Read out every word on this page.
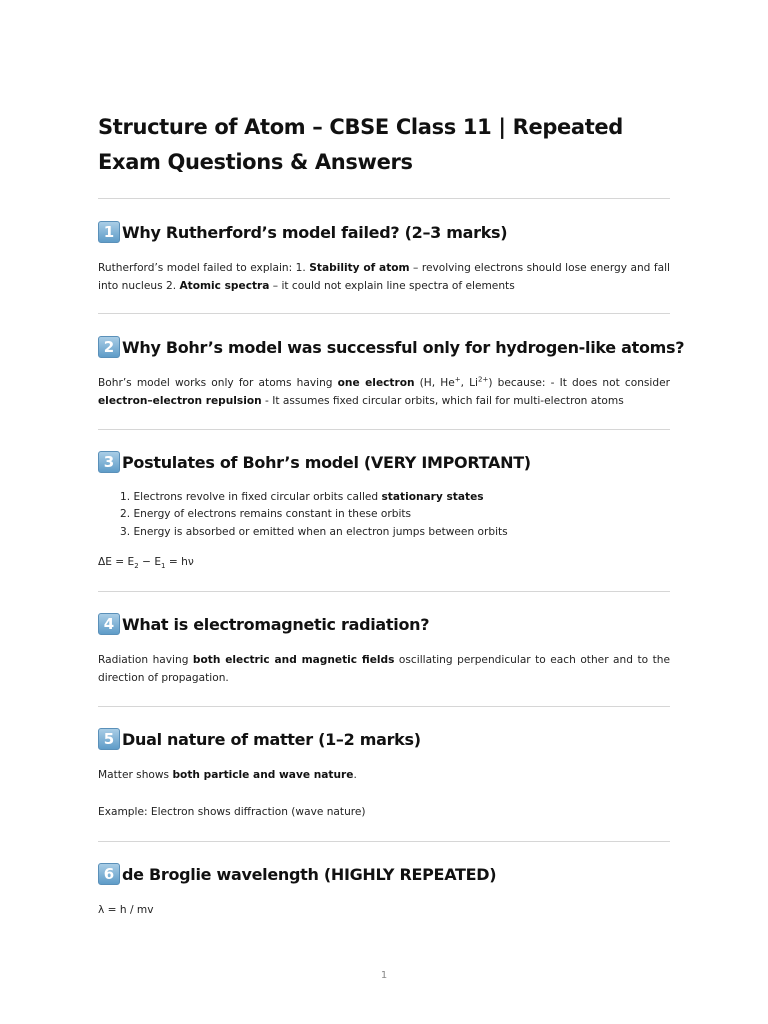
Structure of Atom – CBSE Class 11 | Repeated Exam Questions & Answers
1 Why Rutherford’s model failed? (2–3 marks)

Rutherford’s model failed to explain: 1. Stability of atom – revolving electrons should lose energy and fall into nucleus 2. Atomic spectra – it could not explain line spectra of elements

2 Why Bohr’s model was successful only for hydrogen-like atoms?

Bohr’s model works only for atoms having one electron (H, He+, $Li^{2+}$) because: - It does not consider electron–electron repulsion - It assumes fixed circular orbits, which fail for multi-electron atoms

3 Postulates of Bohr’s model (VERY IMPORTANT)
1. Electrons revolve in fixed circular orbits called stationary states
2. Energy of electrons remains constant in these orbits
3. Energy is absorbed or emitted when an electron jumps between orbits

$\Delta E = E_2 - E_1 = h\nu$

4 What is electromagnetic radiation?

Radiation having both electric and magnetic fields oscillating perpendicular to each other and to the direction of propagation.

5 Dual nature of matter (1–2 marks)

Matter shows both particle and wave nature.

Example: Electron shows diffraction (wave nature)

6 de Broglie wavelength (HIGHLY REPEATED)

λ = h / mv

1
